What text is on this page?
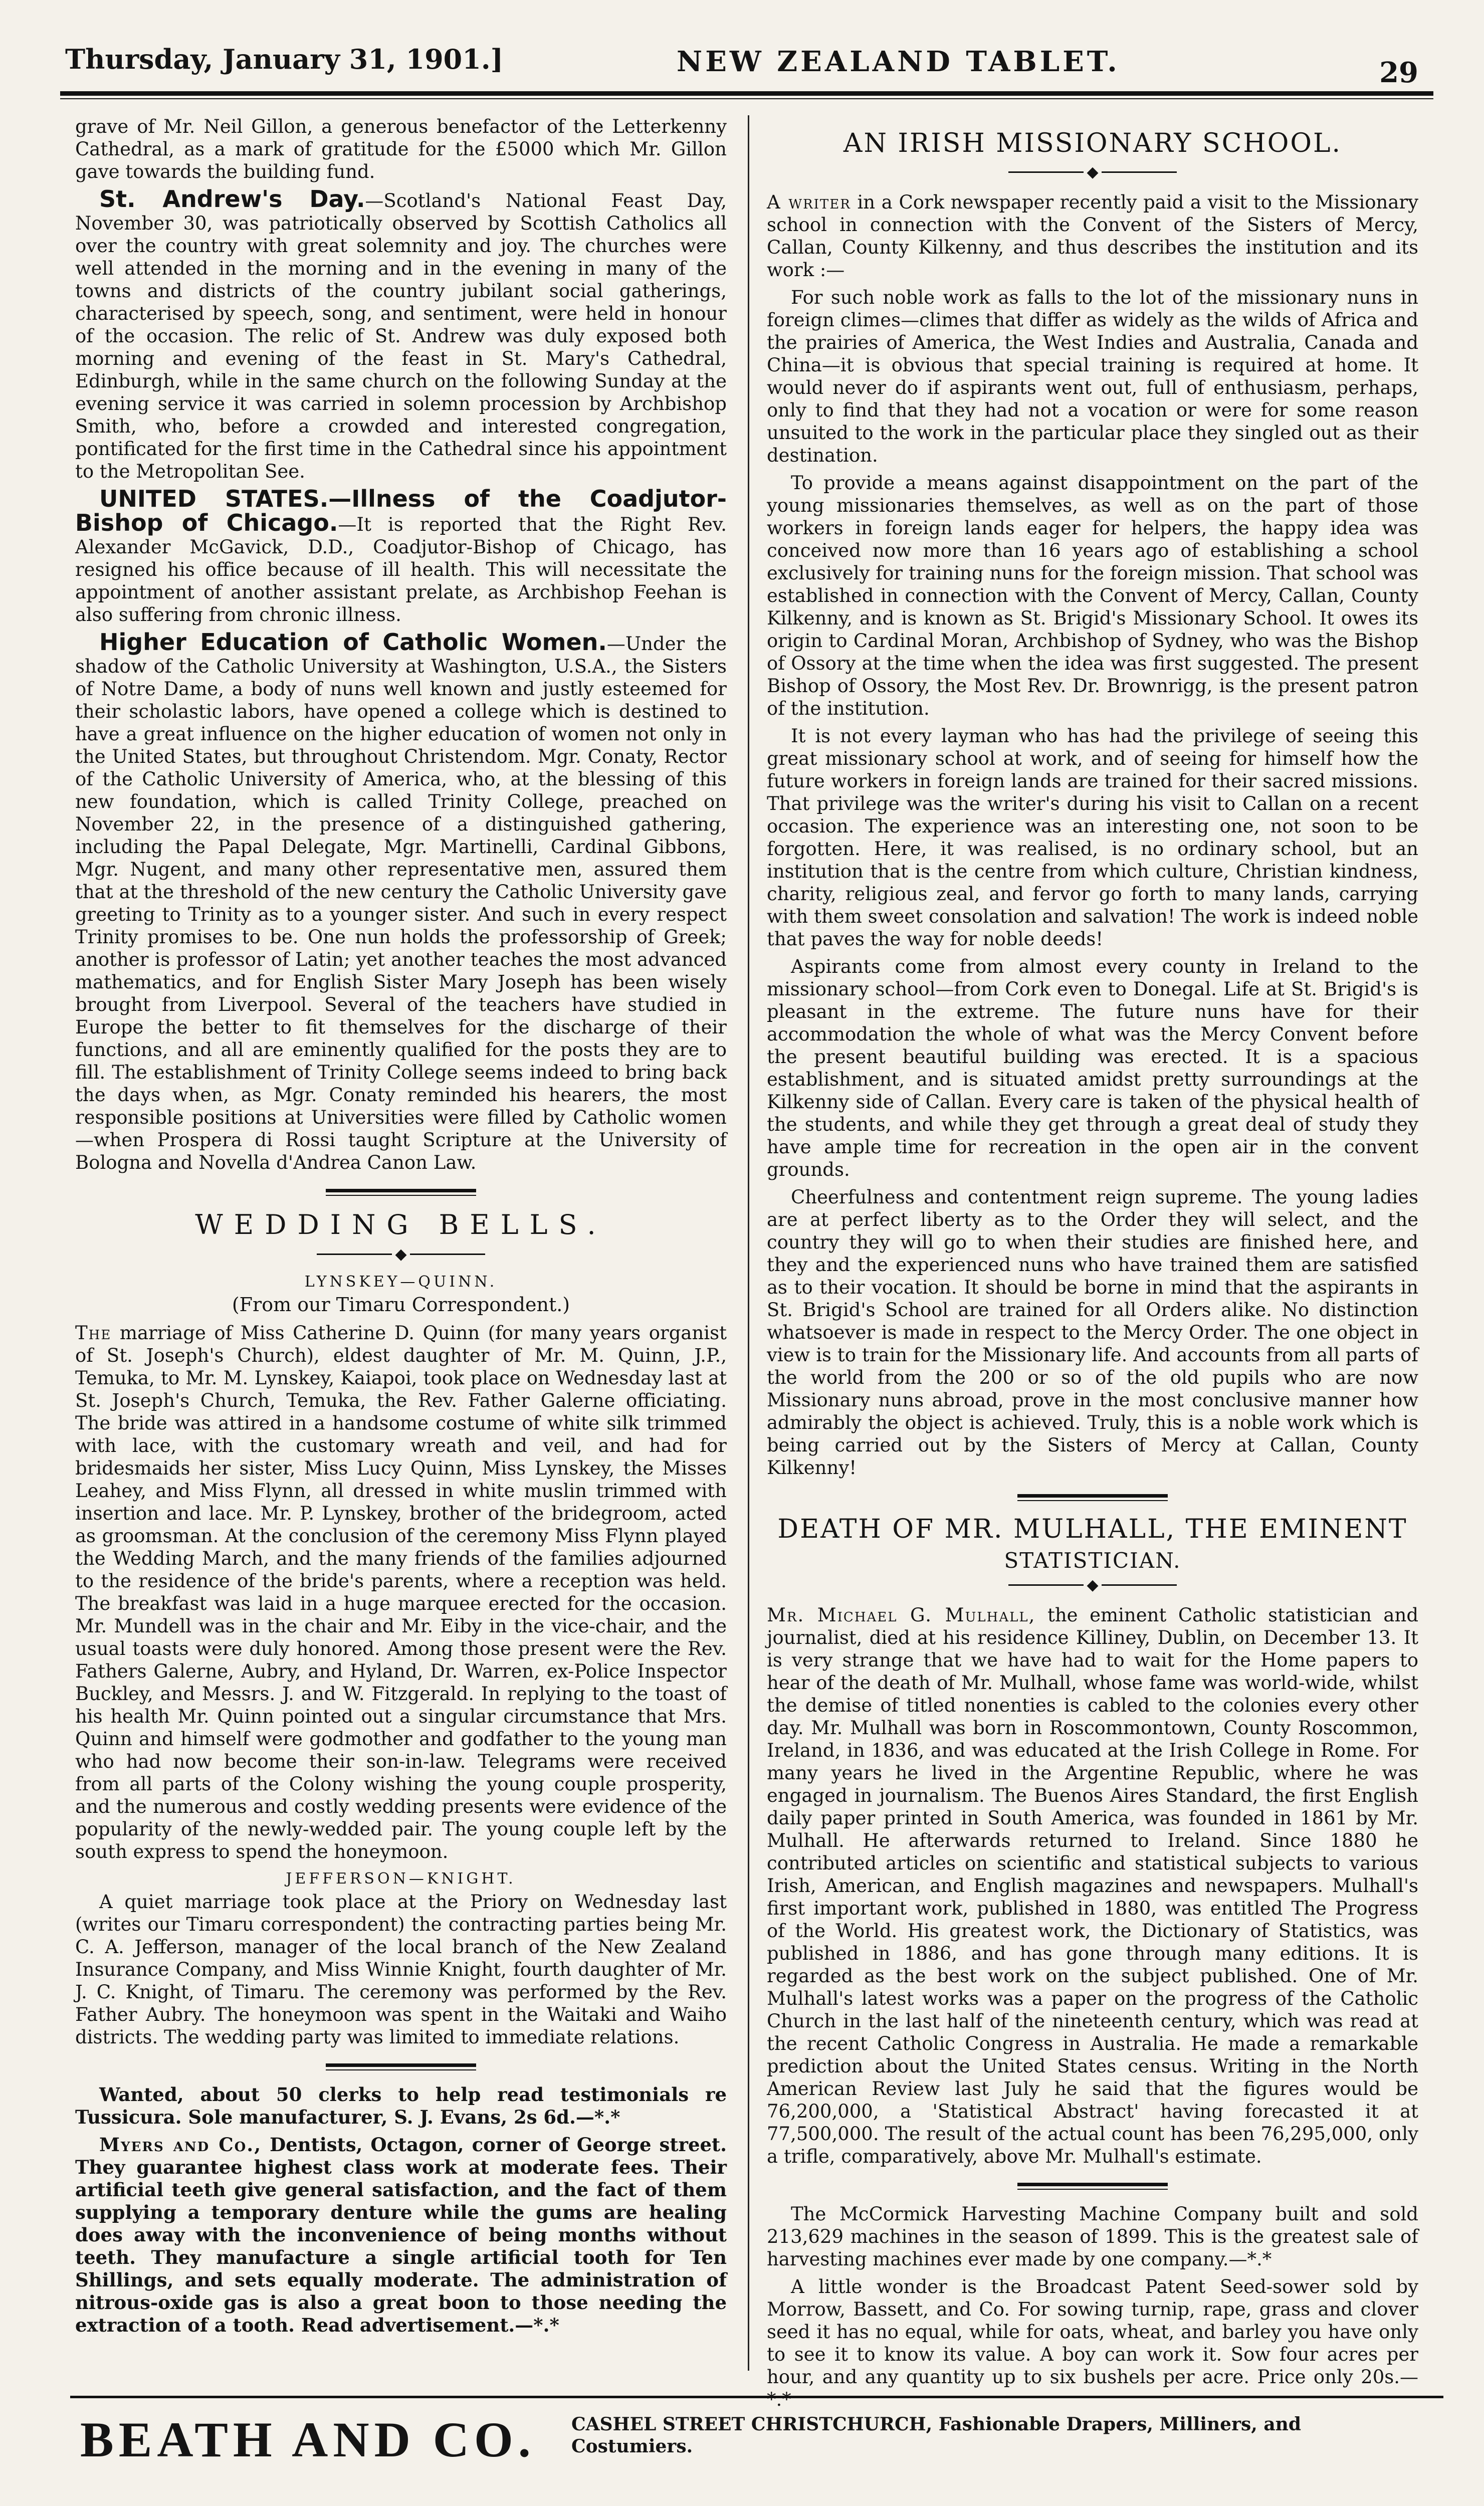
Thursday, January 31, 1901.]	NEW ZEALAND TABLET.	29

grave of Mr. Neil Gillon, a generous benefactor of the Letterkenny Cathedral, as a mark of gratitude for the £5000 which Mr. Gillon gave towards the building fund.

St. Andrew's Day.—Scotland's National Feast Day, November 30, was patriotically observed by Scottish Catholics all over the country with great solemnity and joy. The churches were well attended in the morning and in the evening in many of the towns and districts of the country jubilant social gatherings, characterised by speech, song, and sentiment, were held in honour of the occasion. The relic of St. Andrew was duly exposed both morning and evening of the feast in St. Mary's Cathedral, Edinburgh, while in the same church on the following Sunday at the evening service it was carried in solemn procession by Archbishop Smith, who, before a crowded and interested congregation, pontificated for the first time in the Cathedral since his appointment to the Metropolitan See.

UNITED STATES.—Illness of the Coadjutor-Bishop of Chicago.—It is reported that the Right Rev. Alexander McGavick, D.D., Coadjutor-Bishop of Chicago, has resigned his office because of ill health. This will necessitate the appointment of another assistant prelate, as Archbishop Feehan is also suffering from chronic illness.

Higher Education of Catholic Women.—Under the shadow of the Catholic University at Washington, U.S.A., the Sisters of Notre Dame, a body of nuns well known and justly esteemed for their scholastic labors, have opened a college which is destined to have a great influence on the higher education of women not only in the United States, but throughout Christendom. Mgr. Conaty, Rector of the Catholic University of America, who, at the blessing of this new foundation, which is called Trinity College, preached on November 22, in the presence of a distinguished gathering, including the Papal Delegate, Mgr. Martinelli, Cardinal Gibbons, Mgr. Nugent, and many other representative men, assured them that at the threshold of the new century the Catholic University gave greeting to Trinity as to a younger sister. And such in every respect Trinity promises to be. One nun holds the professorship of Greek; another is professor of Latin; yet another teaches the most advanced mathematics, and for English Sister Mary Joseph has been wisely brought from Liverpool. Several of the teachers have studied in Europe the better to fit themselves for the discharge of their functions, and all are eminently qualified for the posts they are to fill. The establishment of Trinity College seems indeed to bring back the days when, as Mgr. Conaty reminded his hearers, the most responsible positions at Universities were filled by Catholic women—when Prospera di Rossi taught Scripture at the University of Bologna and Novella d'Andrea Canon Law.

WEDDING BELLS.
◆
LYNSKEY—QUINN.
(From our Timaru Correspondent.)

The marriage of Miss Catherine D. Quinn (for many years organist of St. Joseph's Church), eldest daughter of Mr. M. Quinn, J.P., Temuka, to Mr. M. Lynskey, Kaiapoi, took place on Wednesday last at St. Joseph's Church, Temuka, the Rev. Father Galerne officiating. The bride was attired in a handsome costume of white silk trimmed with lace, with the customary wreath and veil, and had for bridesmaids her sister, Miss Lucy Quinn, Miss Lynskey, the Misses Leahey, and Miss Flynn, all dressed in white muslin trimmed with insertion and lace. Mr. P. Lynskey, brother of the bridegroom, acted as groomsman. At the conclusion of the ceremony Miss Flynn played the Wedding March, and the many friends of the families adjourned to the residence of the bride's parents, where a reception was held. The breakfast was laid in a huge marquee erected for the occasion. Mr. Mundell was in the chair and Mr. Eiby in the vice-chair, and the usual toasts were duly honored. Among those present were the Rev. Fathers Galerne, Aubry, and Hyland, Dr. Warren, ex-Police Inspector Buckley, and Messrs. J. and W. Fitzgerald. In replying to the toast of his health Mr. Quinn pointed out a singular circumstance that Mrs. Quinn and himself were godmother and godfather to the young man who had now become their son-in-law. Telegrams were received from all parts of the Colony wishing the young couple prosperity, and the numerous and costly wedding presents were evidence of the popularity of the newly-wedded pair. The young couple left by the south express to spend the honeymoon.

JEFFERSON—KNIGHT.

A quiet marriage took place at the Priory on Wednesday last (writes our Timaru correspondent) the contracting parties being Mr. C. A. Jefferson, manager of the local branch of the New Zealand Insurance Company, and Miss Winnie Knight, fourth daughter of Mr. J. C. Knight, of Timaru. The ceremony was performed by the Rev. Father Aubry. The honeymoon was spent in the Waitaki and Waiho districts. The wedding party was limited to immediate relations.

Wanted, about 50 clerks to help read testimonials re Tussicura. Sole manufacturer, S. J. Evans, 2s 6d.—*.*

Myers and Co., Dentists, Octagon, corner of George street. They guarantee highest class work at moderate fees. Their artificial teeth give general satisfaction, and the fact of them supplying a temporary denture while the gums are healing does away with the inconvenience of being months without teeth. They manufacture a single artificial tooth for Ten Shillings, and sets equally moderate. The administration of nitrous-oxide gas is also a great boon to those needing the extraction of a tooth. Read advertisement.—*.*

AN IRISH MISSIONARY SCHOOL.
◆

A writer in a Cork newspaper recently paid a visit to the Missionary school in connection with the Convent of the Sisters of Mercy, Callan, County Kilkenny, and thus describes the institution and its work :—

For such noble work as falls to the lot of the missionary nuns in foreign climes—climes that differ as widely as the wilds of Africa and the prairies of America, the West Indies and Australia, Canada and China—it is obvious that special training is required at home. It would never do if aspirants went out, full of enthusiasm, perhaps, only to find that they had not a vocation or were for some reason unsuited to the work in the particular place they singled out as their destination.

To provide a means against disappointment on the part of the young missionaries themselves, as well as on the part of those workers in foreign lands eager for helpers, the happy idea was conceived now more than 16 years ago of establishing a school exclusively for training nuns for the foreign mission. That school was established in connection with the Convent of Mercy, Callan, County Kilkenny, and is known as St. Brigid's Missionary School. It owes its origin to Cardinal Moran, Archbishop of Sydney, who was the Bishop of Ossory at the time when the idea was first suggested. The present Bishop of Ossory, the Most Rev. Dr. Brownrigg, is the present patron of the institution.

It is not every layman who has had the privilege of seeing this great missionary school at work, and of seeing for himself how the future workers in foreign lands are trained for their sacred missions. That privilege was the writer's during his visit to Callan on a recent occasion. The experience was an interesting one, not soon to be forgotten. Here, it was realised, is no ordinary school, but an institution that is the centre from which culture, Christian kindness, charity, religious zeal, and fervor go forth to many lands, carrying with them sweet consolation and salvation! The work is indeed noble that paves the way for noble deeds!

Aspirants come from almost every county in Ireland to the missionary school—from Cork even to Donegal. Life at St. Brigid's is pleasant in the extreme. The future nuns have for their accommodation the whole of what was the Mercy Convent before the present beautiful building was erected. It is a spacious establishment, and is situated amidst pretty surroundings at the Kilkenny side of Callan. Every care is taken of the physical health of the students, and while they get through a great deal of study they have ample time for recreation in the open air in the convent grounds.

Cheerfulness and contentment reign supreme. The young ladies are at perfect liberty as to the Order they will select, and the country they will go to when their studies are finished here, and they and the experienced nuns who have trained them are satisfied as to their vocation. It should be borne in mind that the aspirants in St. Brigid's School are trained for all Orders alike. No distinction whatsoever is made in respect to the Mercy Order. The one object in view is to train for the Missionary life. And accounts from all parts of the world from the 200 or so of the old pupils who are now Missionary nuns abroad, prove in the most conclusive manner how admirably the object is achieved. Truly, this is a noble work which is being carried out by the Sisters of Mercy at Callan, County Kilkenny!

DEATH OF MR. MULHALL, THE EMINENT
STATISTICIAN.
◆

Mr. Michael G. Mulhall, the eminent Catholic statistician and journalist, died at his residence Killiney, Dublin, on December 13. It is very strange that we have had to wait for the Home papers to hear of the death of Mr. Mulhall, whose fame was world-wide, whilst the demise of titled nonenties is cabled to the colonies every other day. Mr. Mulhall was born in Roscommontown, County Roscommon, Ireland, in 1836, and was educated at the Irish College in Rome. For many years he lived in the Argentine Republic, where he was engaged in journalism. The Buenos Aires Standard, the first English daily paper printed in South America, was founded in 1861 by Mr. Mulhall. He afterwards returned to Ireland. Since 1880 he contributed articles on scientific and statistical subjects to various Irish, American, and English magazines and newspapers. Mulhall's first important work, published in 1880, was entitled The Progress of the World. His greatest work, the Dictionary of Statistics, was published in 1886, and has gone through many editions. It is regarded as the best work on the subject published. One of Mr. Mulhall's latest works was a paper on the progress of the Catholic Church in the last half of the nineteenth century, which was read at the recent Catholic Congress in Australia. He made a remarkable prediction about the United States census. Writing in the North American Review last July he said that the figures would be 76,200,000, a 'Statistical Abstract' having forecasted it at 77,500,000. The result of the actual count has been 76,295,000, only a trifle, comparatively, above Mr. Mulhall's estimate.

The McCormick Harvesting Machine Company built and sold 213,629 machines in the season of 1899. This is the greatest sale of harvesting machines ever made by one company.—*.*

A little wonder is the Broadcast Patent Seed-sower sold by Morrow, Bassett, and Co. For sowing turnip, rape, grass and clover seed it has no equal, while for oats, wheat, and barley you have only to see it to know its value. A boy can work it. Sow four acres per hour, and any quantity up to six bushels per acre. Price only 20s.—*.*

BEATH AND CO. CASHEL STREET CHRISTCHURCH, Fashionable Drapers, Milliners, and
Costumiers.
